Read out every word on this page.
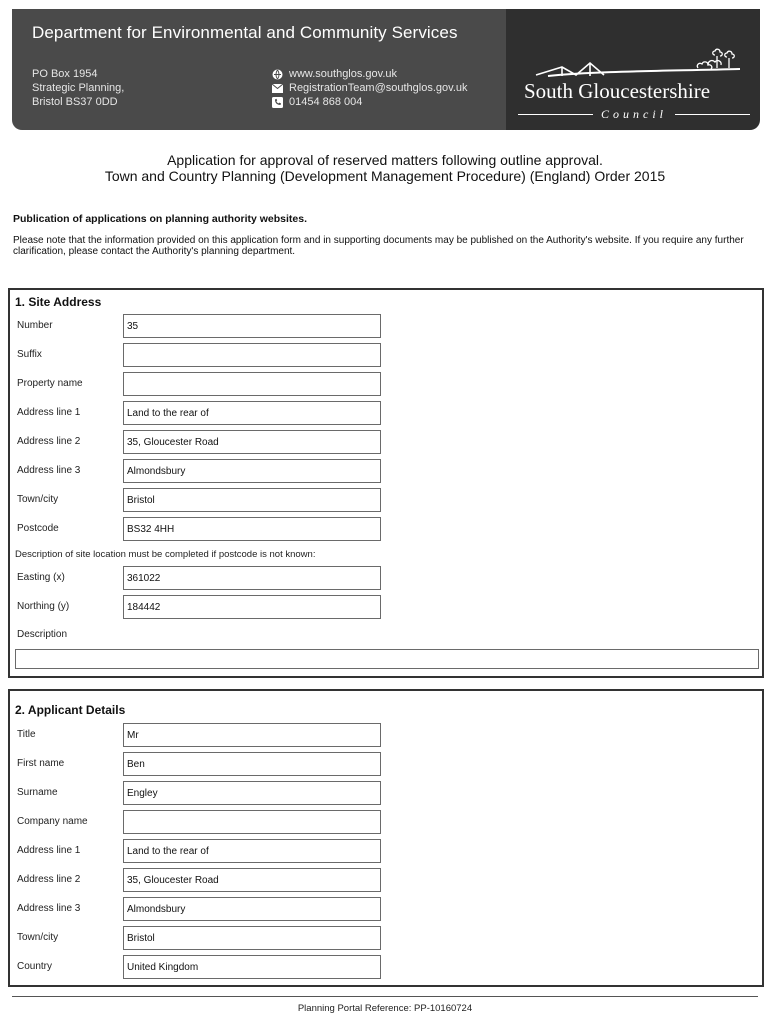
Department for Environmental and Community Services
PO Box 1954
Strategic Planning,
Bristol BS37 0DD
www.southglos.gov.uk
RegistrationTeam@southglos.gov.uk
01454 868 004	South Gloucestershire
Council
Application for approval of reserved matters following outline approval.
Town and Country Planning (Development Management Procedure) (England) Order 2015
Publication of applications on planning authority websites.
Please note that the information provided on this application form and in supporting documents may be published on the Authority's website. If you require any further clarification, please contact the Authority's planning department.
1. Site Address
Number	35
Suffix
Property name
Address line 1	Land to the rear of
Address line 2	35, Gloucester Road
Address line 3	Almondsbury
Town/city	Bristol
Postcode	BS32 4HH
Description of site location must be completed if postcode is not known:
Easting (x)	361022
Northing (y)	184442
Description
2. Applicant Details
Title	Mr
First name	Ben
Surname	Engley
Company name
Address line 1	Land to the rear of
Address line 2	35, Gloucester Road
Address line 3	Almondsbury
Town/city	Bristol
Country	United Kingdom
Planning Portal Reference: PP-10160724
